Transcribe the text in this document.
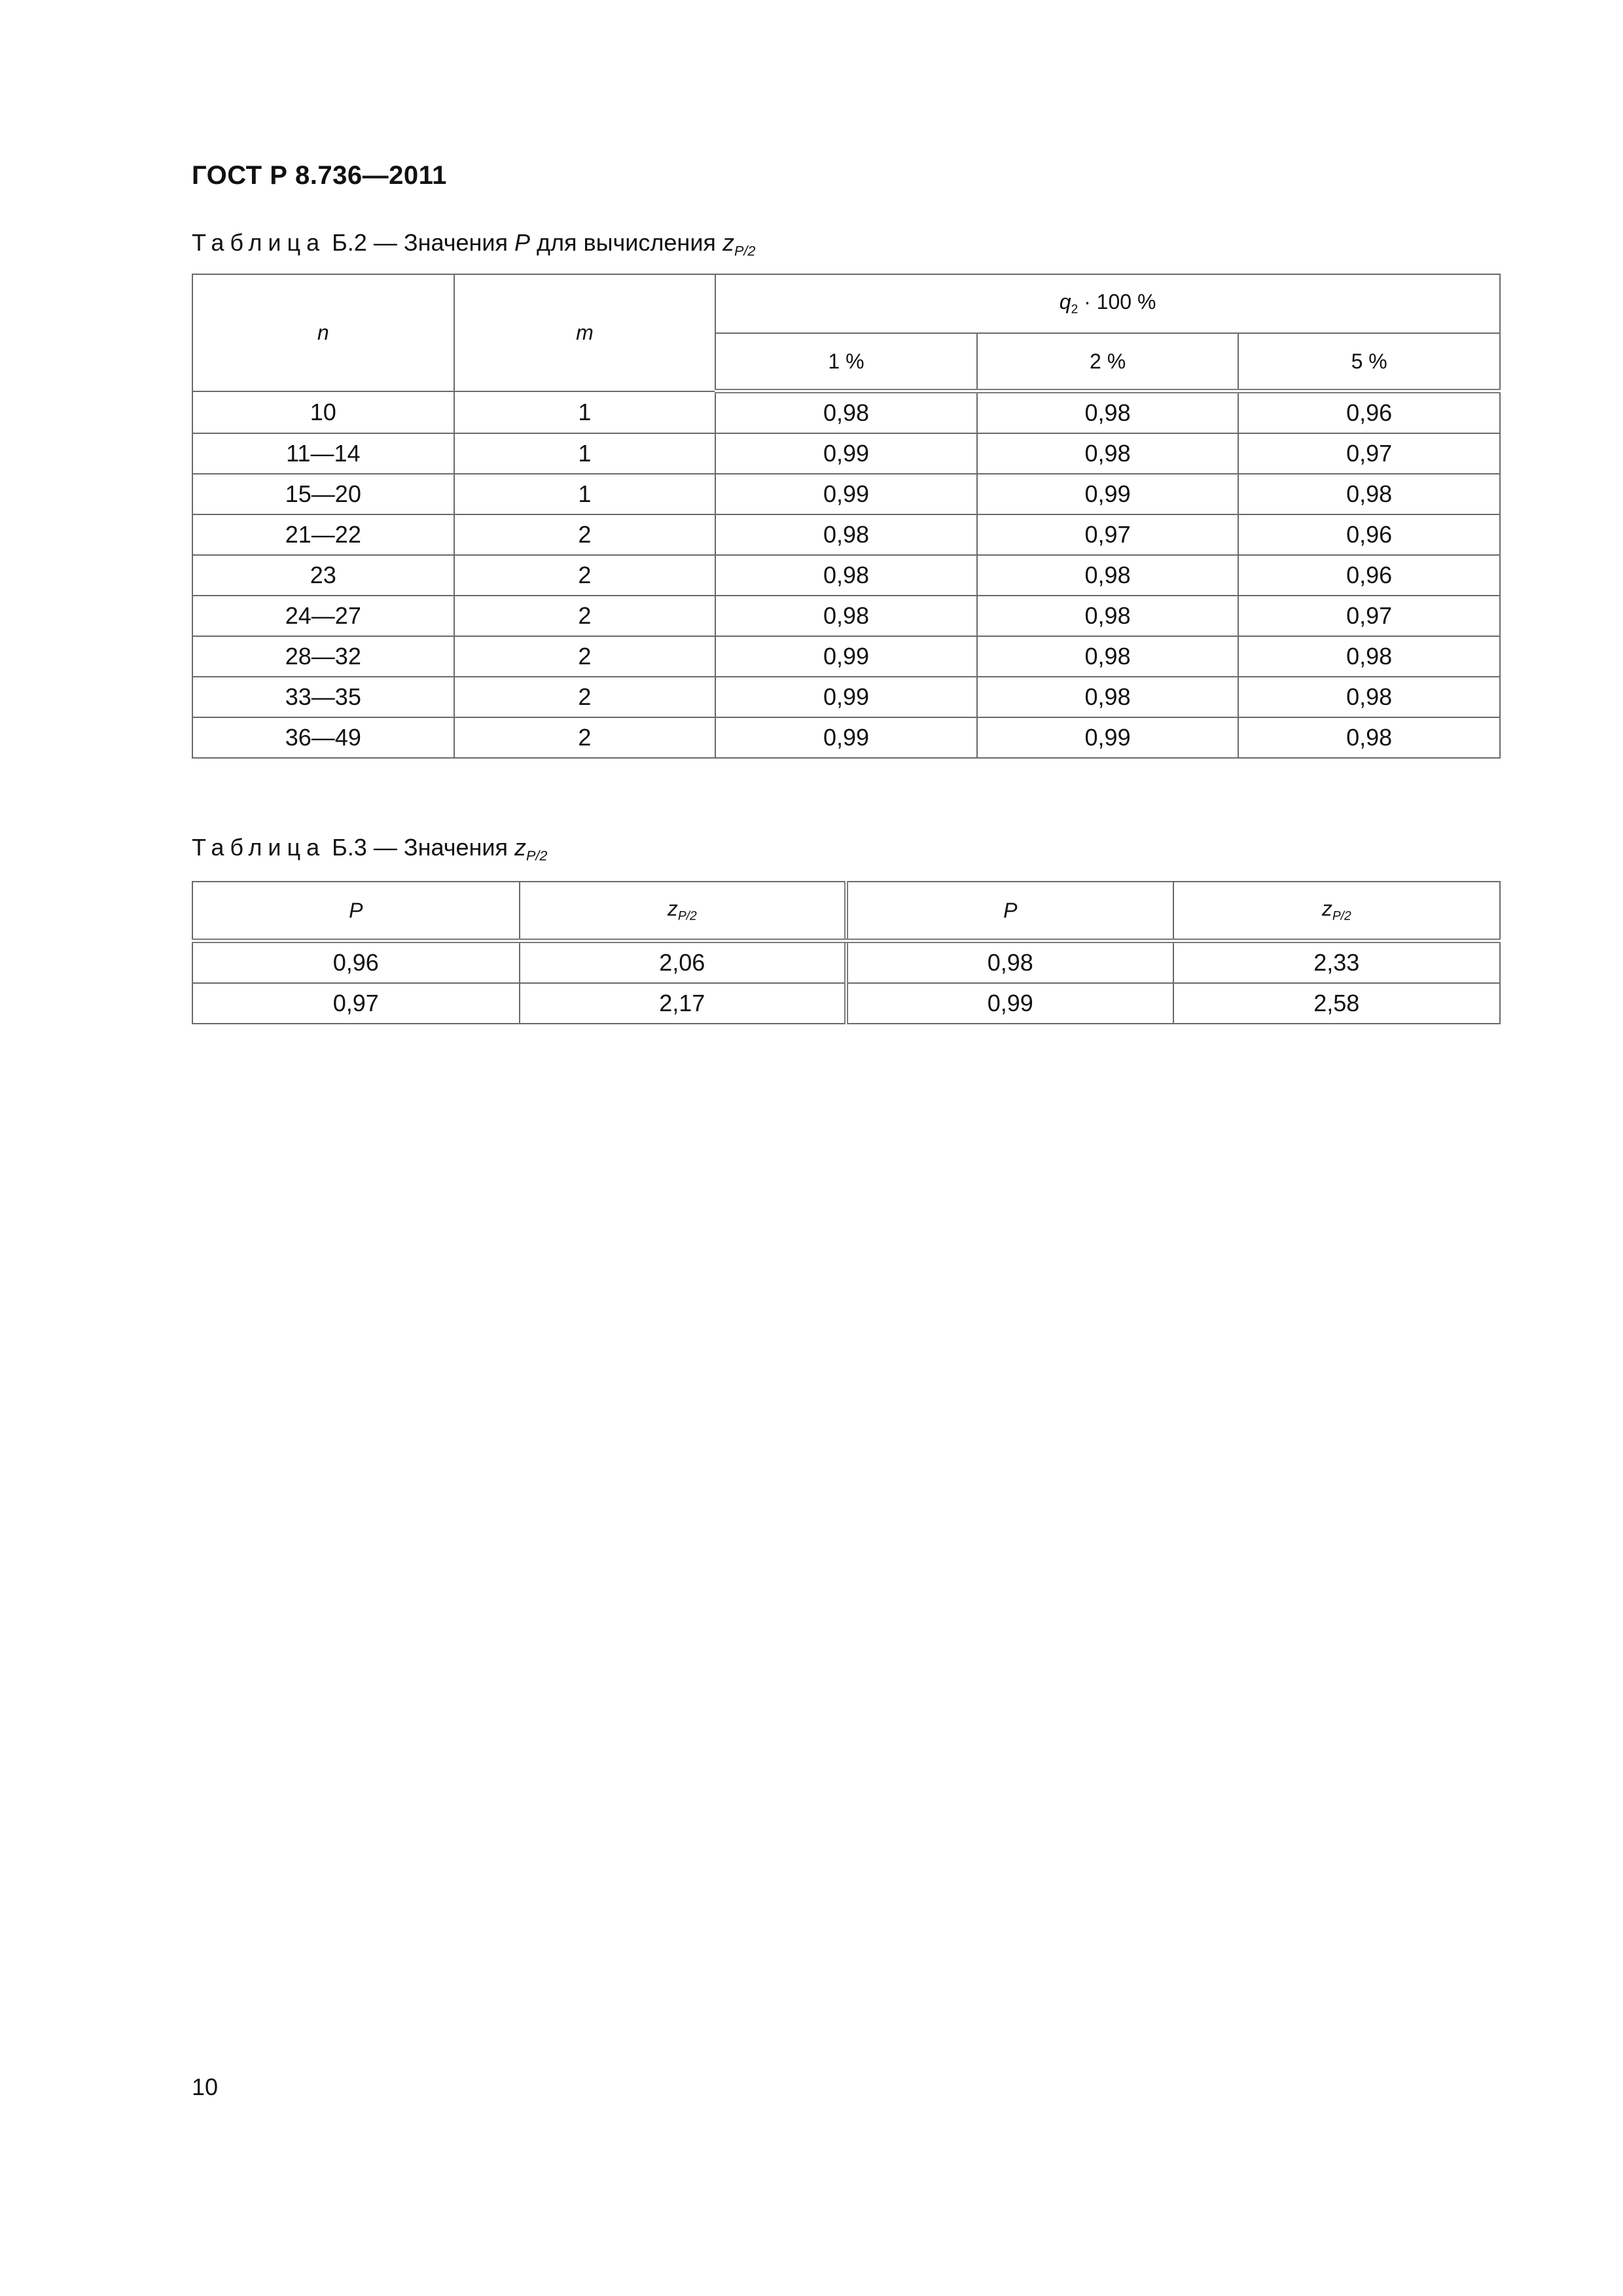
ГОСТ Р 8.736—2011
Таблица Б.2 — Значения P для вычисления $z_{P/2}$
n	m	$q_2 \cdot 100$ %		
		1 %	2 %	5 %
10	1	0,98	0,98	0,96
11—14	1	0,99	0,98	0,97
15—20	1	0,99	0,99	0,98
21—22	2	0,98	0,97	0,96
23	2	0,98	0,98	0,96
24—27	2	0,98	0,98	0,97
28—32	2	0,99	0,98	0,98
33—35	2	0,99	0,98	0,98
36—49	2	0,99	0,99	0,98
Таблица Б.3 — Значения $z_{P/2}$
P	$z_{P/2}$	P	$z_{P/2}$
0,96	2,06	0,98	2,33
0,97	2,17	0,99	2,58
10
